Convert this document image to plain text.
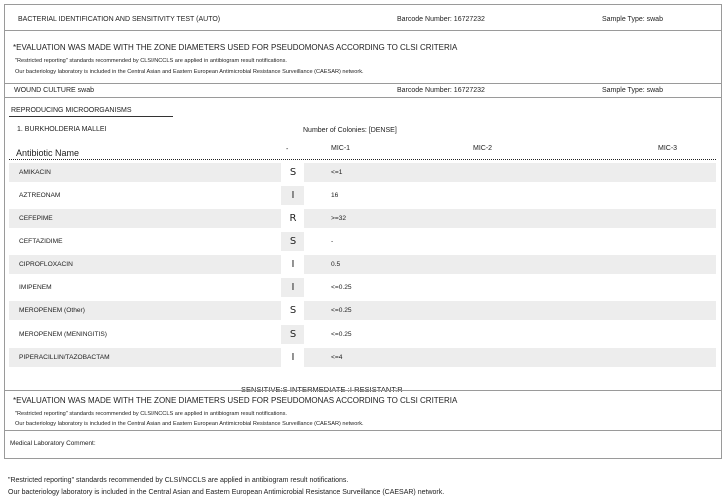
BACTERIAL IDENTIFICATION AND SENSITIVITY TEST (AUTO)	Barcode Number: 16727232	Sample Type: swab
*EVALUATION WAS MADE WITH THE ZONE DIAMETERS USED FOR PSEUDOMONAS ACCORDING TO CLSI CRITERIA
"Restricted reporting" standards recommended by CLSI/NCCLS are applied in antibiogram result notifications.
Our bacteriology laboratory is included in the Central Asian and Eastern European Antimicrobial Resistance Surveillance (CAESAR) network.
WOUND CULTURE swab	Barcode Number: 16727232	Sample Type: swab
REPRODUCING MICROORGANISMS
1. BURKHOLDERIA MALLEI	Number of Colonies: [DENSE]
Antibiotic Name	-	MIC-1	MIC-2	MIC-3
AMIKACIN	S	<=1
AZTREONAM	I	16
CEFEPIME	R	>=32
CEFTAZIDIME	S	-
CIPROFLOXACIN	I	0.5
IMIPENEM	I	<=0.25
MEROPENEM (Other)	S	<=0.25
MEROPENEM (MENINGITIS)	S	<=0.25
PIPERACILLIN/TAZOBACTAM	I	<=4
SENSITIVE:S INTERMEDIATE :I RESISTANT:R
*EVALUATION WAS MADE WITH THE ZONE DIAMETERS USED FOR PSEUDOMONAS ACCORDING TO CLSI CRITERIA
"Restricted reporting" standards recommended by CLSI/NCCLS are applied in antibiogram result notifications.
Our bacteriology laboratory is included in the Central Asian and Eastern European Antimicrobial Resistance Surveillance (CAESAR) network.
Medical Laboratory Comment:
"Restricted reporting" standards recommended by CLSI/NCCLS are applied in antibiogram result notifications.
Our bacteriology laboratory is included in the Central Asian and Eastern European Antimicrobial Resistance Surveillance (CAESAR) network.
